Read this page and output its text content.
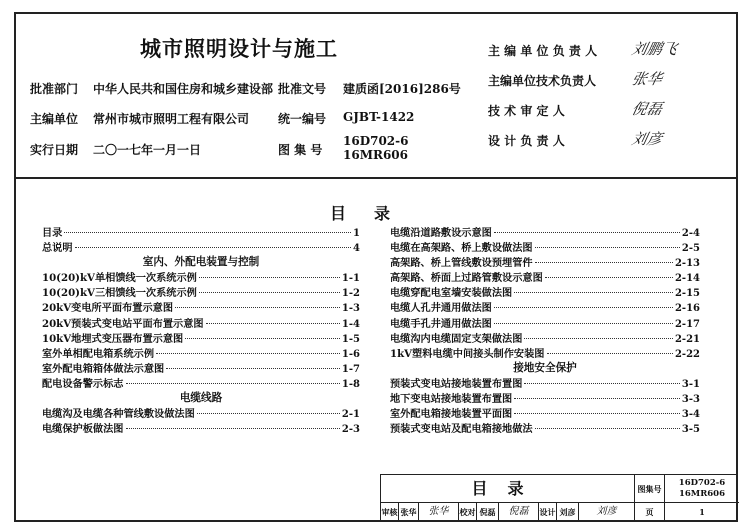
城市照明设计与施工
批准部门 中华人民共和国住房和城乡建设部 批准文号 建质函[2016]286号
主编单位 常州市城市照明工程有限公司 统一编号 GJBT-1422
实行日期 二〇一七年一月一日	图 集 号
16D702-6
16MR606
主 编 单 位 负 责 人	刘鹏飞
主编单位技术负责人	张华
技 术 审 定 人	倪磊
设 计 负 责 人	刘彦
目录
目录	1
总说明	4
室内、外配电装置与控制
10(20)kV单相馈线一次系统示例	1-1
10(20)kV三相馈线一次系统示例	1-2
20kV变电所平面布置示意图	1-3
20kV预装式变电站平面布置示意图	1-4
10kV地埋式变压器布置示意图	1-5
室外单相配电箱系统示例	1-6
室外配电箱箱体做法示意图	1-7
配电设备警示标志	1-8
电缆线路
电缆沟及电缆各种管线敷设做法图	2-1
电缆保护板做法图	2-3
电缆沿道路敷设示意图	2-4
电缆在高架路、桥上敷设做法图	2-5
高架路、桥上管线敷设预埋管件	2-13
高架路、桥面上过路管敷设示意图	2-14
电缆穿配电室墙安装做法图	2-15
电缆人孔井通用做法图	2-16
电缆手孔井通用做法图	2-17
电缆沟内电缆固定支架做法图	2-21
1kV塑料电缆中间接头制作安装图	2-22
接地安全保护
预装式变电站接地装置布置图	3-1
地下变电站接地装置布置图	3-3
室外配电箱接地装置平面图	3-4
预装式变电站及配电箱接地做法	3-5
目录	图集号
16D702-6
16MR606
审核 张华	张华	校对 倪磊	倪磊	设计 刘彦	刘彦	页	1
